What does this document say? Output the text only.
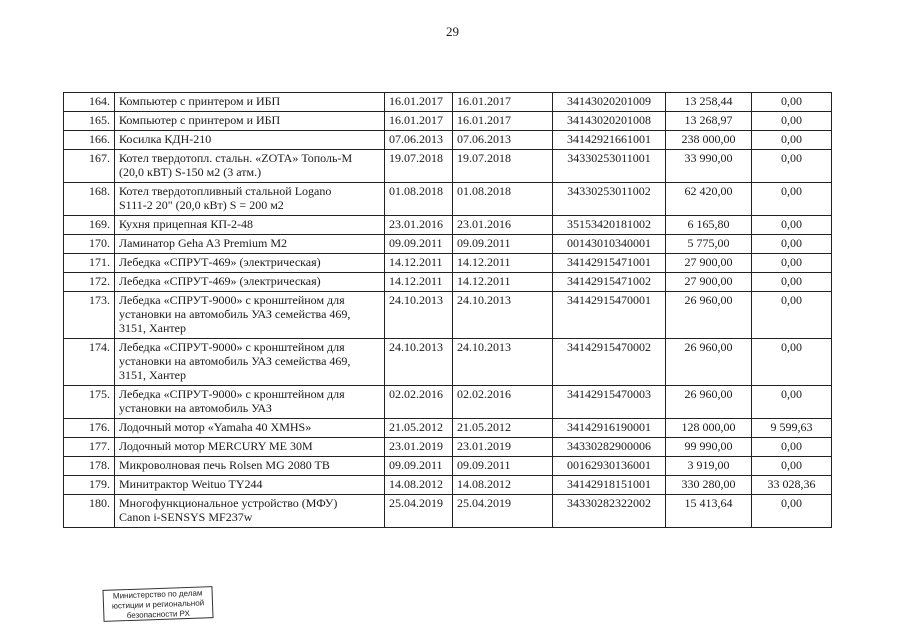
29
164.	Компьютер с принтером и ИБП	16.01.2017	16.01.2017	34143020201009	13 258,44	0,00
165.	Компьютер с принтером и ИБП	16.01.2017	16.01.2017	34143020201008	13 268,97	0,00
166.	Косилка КДН-210	07.06.2013	07.06.2013	34142921661001	238 000,00	0,00
167.	Котел твердотопл. стальн. «ZOTA» Тополь-М
(20,0 кВТ) S-150 м2 (3 атм.)	19.07.2018	19.07.2018	34330253011001	33 990,00	0,00
168.	Котел твердотопливный стальной Logano
S111-2 20" (20,0 кВт) S = 200 м2	01.08.2018	01.08.2018	34330253011002	62 420,00	0,00
169.	Кухня прицепная КП-2-48	23.01.2016	23.01.2016	35153420181002	6 165,80	0,00
170.	Ламинатор Geha A3 Premium M2	09.09.2011	09.09.2011	00143010340001	5 775,00	0,00
171.	Лебедка «СПРУТ-469» (электрическая)	14.12.2011	14.12.2011	34142915471001	27 900,00	0,00
172.	Лебедка «СПРУТ-469» (электрическая)	14.12.2011	14.12.2011	34142915471002	27 900,00	0,00
173.	Лебедка «СПРУТ-9000» с кронштейном для
установки на автомобиль УАЗ семейства 469,
3151, Хантер	24.10.2013	24.10.2013	34142915470001	26 960,00	0,00
174.	Лебедка «СПРУТ-9000» с кронштейном для
установки на автомобиль УАЗ семейства 469,
3151, Хантер	24.10.2013	24.10.2013	34142915470002	26 960,00	0,00
175.	Лебедка «СПРУТ-9000» с кронштейном для
установки на автомобиль УАЗ	02.02.2016	02.02.2016	34142915470003	26 960,00	0,00
176.	Лодочный мотор «Yamaha 40 XMHS»	21.05.2012	21.05.2012	34142916190001	128 000,00	9 599,63
177.	Лодочный мотор MERCURY ME 30M	23.01.2019	23.01.2019	34330282900006	99 990,00	0,00
178.	Микроволновая печь Rolsen MG 2080 TB	09.09.2011	09.09.2011	00162930136001	3 919,00	0,00
179.	Минитрактор Weituo TY244	14.08.2012	14.08.2012	34142918151001	330 280,00	33 028,36
180.	Многофункциональное устройство (МФУ)
Canon i-SENSYS MF237w	25.04.2019	25.04.2019	34330282322002	15 413,64	0,00
Министерство по делам
юстиции и региональной
безопасности РХ
